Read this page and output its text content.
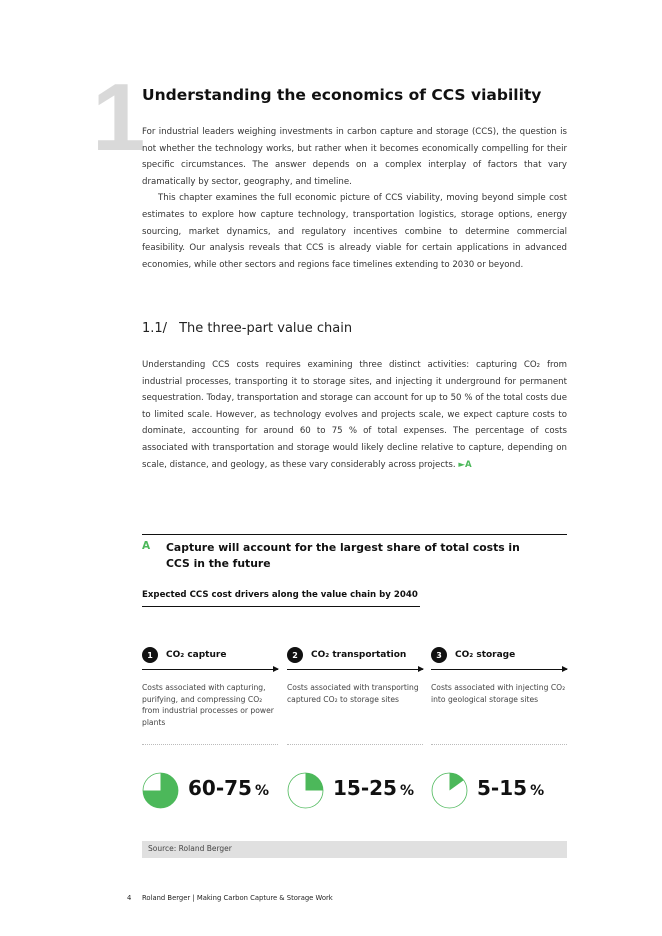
1
Understanding the economics of CCS viability

For industrial leaders weighing investments in carbon capture and storage (CCS), the question is not whether the technology works, but rather when it becomes economically compelling for their specific circumstances. The answer depends on a complex interplay of factors that vary dramatically by sector, geography, and timeline.

This chapter examines the full economic picture of CCS viability, moving beyond simple cost estimates to explore how capture technology, transportation logistics, storage options, energy sourcing, market dynamics, and regulatory incentives combine to determine commercial feasibility. Our analysis reveals that CCS is already viable for certain applications in advanced economies, while other sectors and regions face timelines extending to 2030 or beyond.

1.1/ The three-part value chain
Understanding CCS costs requires examining three distinct activities: capturing CO₂ from industrial processes, transporting it to storage sites, and injecting it underground for permanent sequestration. Today, transportation and storage can account for up to 50 % of the total costs due to limited scale. However, as technology evolves and projects scale, we expect capture costs to dominate, accounting for around 60 to 75 % of total expenses. The percentage of costs associated with transportation and storage would likely decline relative to capture, depending on scale, distance, and geology, as these vary considerably across projects. ►A
A Capture will account for the largest share of total costs in CCS in the future
Expected CCS cost drivers along the value chain by 2040
1	CO₂ capture
Costs associated with capturing, purifying, and compressing CO₂ from industrial processes or power plants
60-75 %
2	CO₂ transportation
Costs associated with transporting captured CO₂ to storage sites
15-25 %
3	CO₂ storage
Costs associated with injecting CO₂ into geological storage sites
5-15 %
Source: Roland Berger
4 Roland Berger | Making Carbon Capture & Storage Work
